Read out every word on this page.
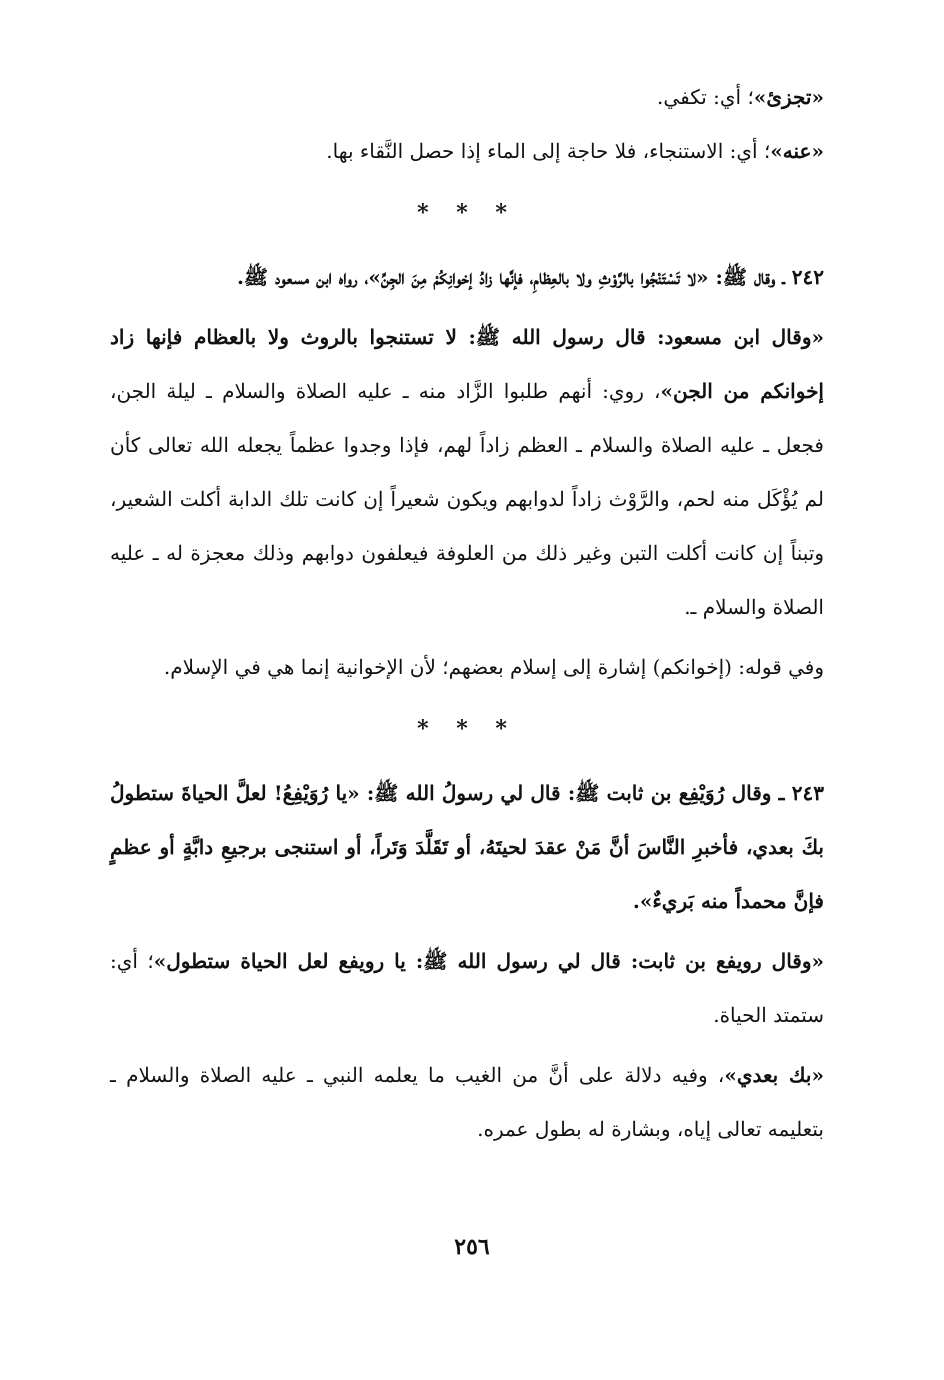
«تجزئ»؛ أي: تكفي.

«عنه»؛ أي: الاستنجاء، فلا حاجة إلى الماء إذا حصل النَّقاء بها.

* * *

٢٤٢ ـ وقال ﷺ: «لا تَسْتَنْجُوا بالرَّوْثِ ولا بالعِظامِ، فإنَّها زادُ إخوانِكُمْ مِنَ الجِنِّ»، رواه ابن مسعود ﷺ.

«وقال ابن مسعود: قال رسول الله ﷺ: لا تستنجوا بالروث ولا بالعظام فإنها زاد إخوانكم من الجن»، روي: أنهم طلبوا الزَّاد منه ـ عليه الصلاة والسلام ـ ليلة الجن، فجعل ـ عليه الصلاة والسلام ـ العظم زاداً لهم، فإذا وجدوا عظماً يجعله الله تعالى كأن لم يُؤْكَل منه لحم، والرَّوْث زاداً لدوابهم ويكون شعيراً إن كانت تلك الدابة أكلت الشعير، وتبناً إن كانت أكلت التبن وغير ذلك من العلوفة فيعلفون دوابهم وذلك معجزة له ـ عليه الصلاة والسلام ـ.

وفي قوله: (إخوانكم) إشارة إلى إسلام بعضهم؛ لأن الإخوانية إنما هي في الإسلام.

* * *

٢٤٣ ـ وقال رُوَيْفِع بن ثابت ﷺ: قال لي رسولُ الله ﷺ: «يا رُوَيْفِعُ! لعلَّ الحياةَ ستطولُ بكَ بعدي، فأخبرِ النَّاسَ أنَّ مَنْ عقدَ لحيتَهُ، أو تَقَلَّدَ وَتَراً، أو استنجى برجيعِ دابَّةٍ أو عظمٍ فإنَّ محمداً منه بَريءٌ».

«وقال رويفع بن ثابت: قال لي رسول الله ﷺ: يا رويفع لعل الحياة ستطول»؛ أي: ستمتد الحياة.

«بك بعدي»، وفيه دلالة على أنَّ من الغيب ما يعلمه النبي ـ عليه الصلاة والسلام ـ بتعليمه تعالى إياه، وبشارة له بطول عمره.

٢٥٦
